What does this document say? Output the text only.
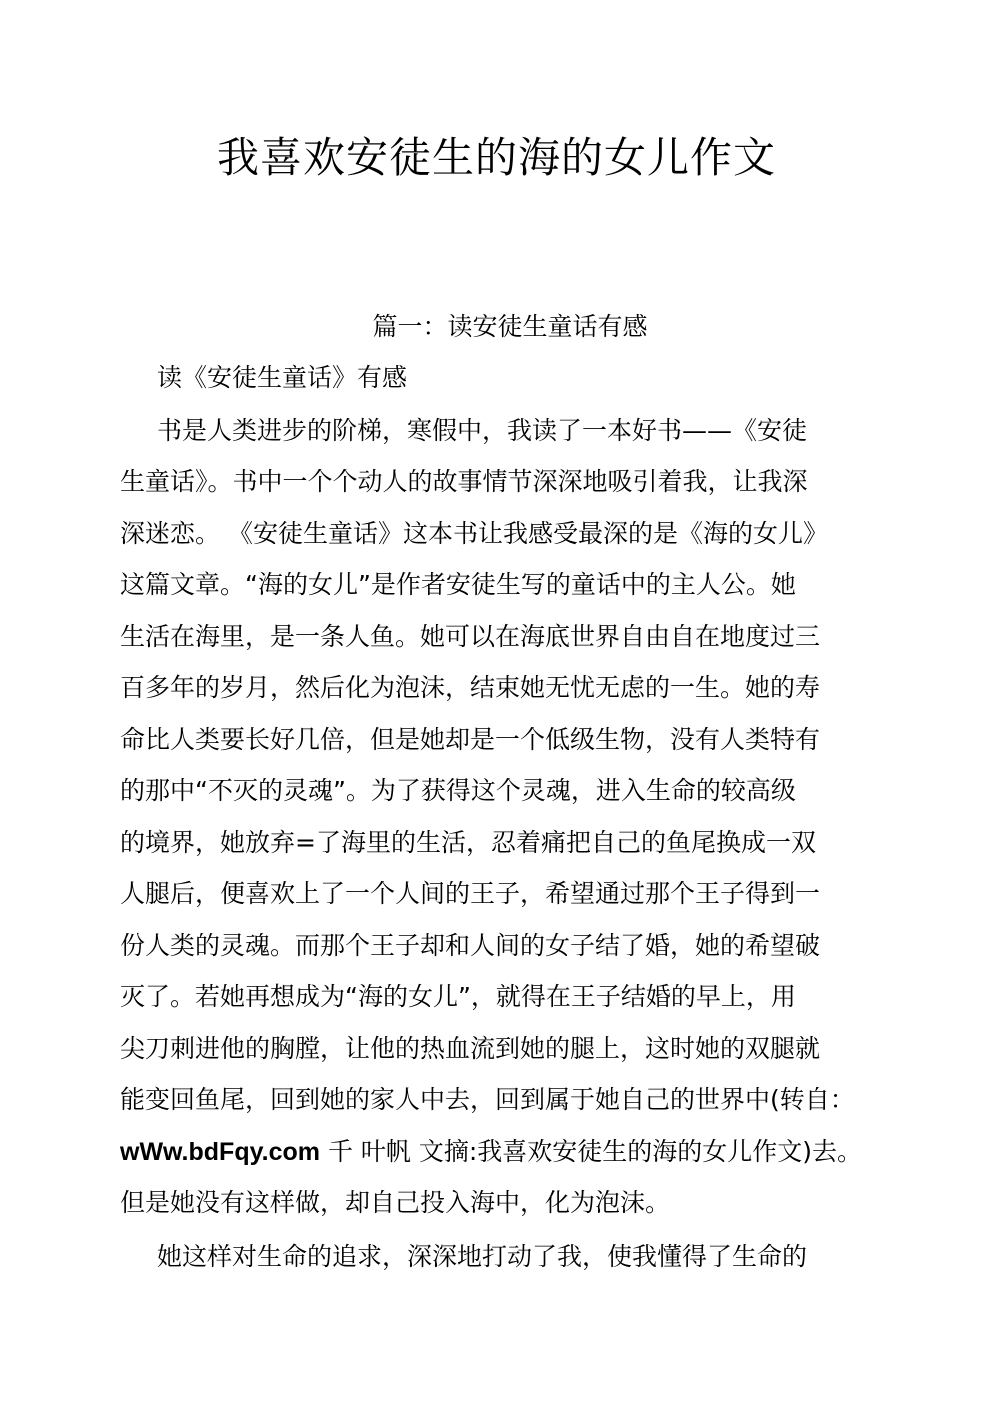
我喜欢安徒生的海的女儿作文
篇一：读安徒生童话有感
读《安徒生童话》有感
书是人类进步的阶梯，寒假中，我读了一本好书——《安徒
生童话》。书中一个个动人的故事情节深深地吸引着我，让我深
深迷恋。 《安徒生童话》这本书让我感受最深的是《海的女儿》
这篇文章。“海的女儿”是作者安徒生写的童话中的主人公。她
生活在海里，是一条人鱼。她可以在海底世界自由自在地度过三
百多年的岁月，然后化为泡沫，结束她无忧无虑的一生。她的寿
命比人类要长好几倍，但是她却是一个低级生物，没有人类特有
的那中“不灭的灵魂”。为了获得这个灵魂，进入生命的较高级
的境界，她放弃=了海里的生活，忍着痛把自己的鱼尾换成一双
人腿后，便喜欢上了一个人间的王子，希望通过那个王子得到一
份人类的灵魂。而那个王子却和人间的女子结了婚，她的希望破
灭了。若她再想成为“海的女儿”，就得在王子结婚的早上，用
尖刀刺进他的胸膛，让他的热血流到她的腿上，这时她的双腿就
能变回鱼尾，回到她的家人中去，回到属于她自己的世界中(转自：
wWw.bdFqy.com 千 叶帆 文摘:我喜欢安徒生的海的女儿作文)去。
但是她没有这样做，却自己投入海中，化为泡沫。
她这样对生命的追求，深深地打动了我，使我懂得了生命的
